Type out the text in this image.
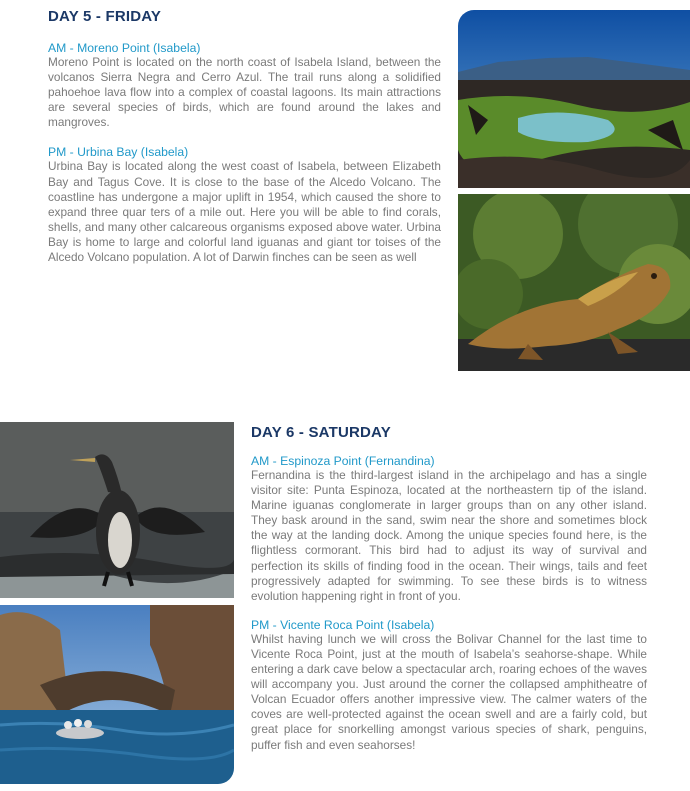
DAY 5 - FRIDAY
AM - Moreno Point (Isabela)

Moreno Point is located on the north coast of Isabela Island, between the volcanos Sierra Negra and Cerro Azul. The trail runs along a solidified pahoehoe lava flow into a complex of coastal lagoons. Its main attractions are several species of birds, which are found around the lakes and mangroves.

PM - Urbina Bay (Isabela)

Urbina Bay is located along the west coast of Isabela, between Elizabeth Bay and Tagus Cove. It is close to the base of the Alcedo Volcano. The coastline has undergone a major uplift in 1954, which caused the shore to expand three quar ters of a mile out. Here you will be able to find corals, shells, and many other calcareous organisms exposed above water. Urbina Bay is home to large and colorful land iguanas and giant tor toises of the Alcedo Volcano population. A lot of Darwin finches can be seen as well

DAY 6 - SATURDAY
AM - Espinoza Point (Fernandina)

Fernandina is the third-largest island in the archipelago and has a single visitor site: Punta Espinoza, located at the northeastern tip of the island. Marine iguanas conglomerate in larger groups than on any other island. They bask around in the sand, swim near the shore and sometimes block the way at the landing dock. Among the unique species found here, is the flightless cormorant. This bird had to adjust its way of survival and perfection its skills of finding food in the ocean. Their wings, tails and feet progressively adapted for swimming. To see these birds is to witness evolution happening right in front of you.

PM - Vicente Roca Point (Isabela)

Whilst having lunch we will cross the Bolivar Channel for the last time to Vicente Roca Point, just at the mouth of Isabela’s seahorse-shape. While entering a dark cave below a spectacular arch, roaring echoes of the waves will accompany you. Just around the corner the collapsed amphitheatre of Volcan Ecuador offers another impressive view. The calmer waters of the coves are well-protected against the ocean swell and are a fairly cold, but great place for snorkelling amongst various species of shark, penguins, puffer fish and even seahorses!
